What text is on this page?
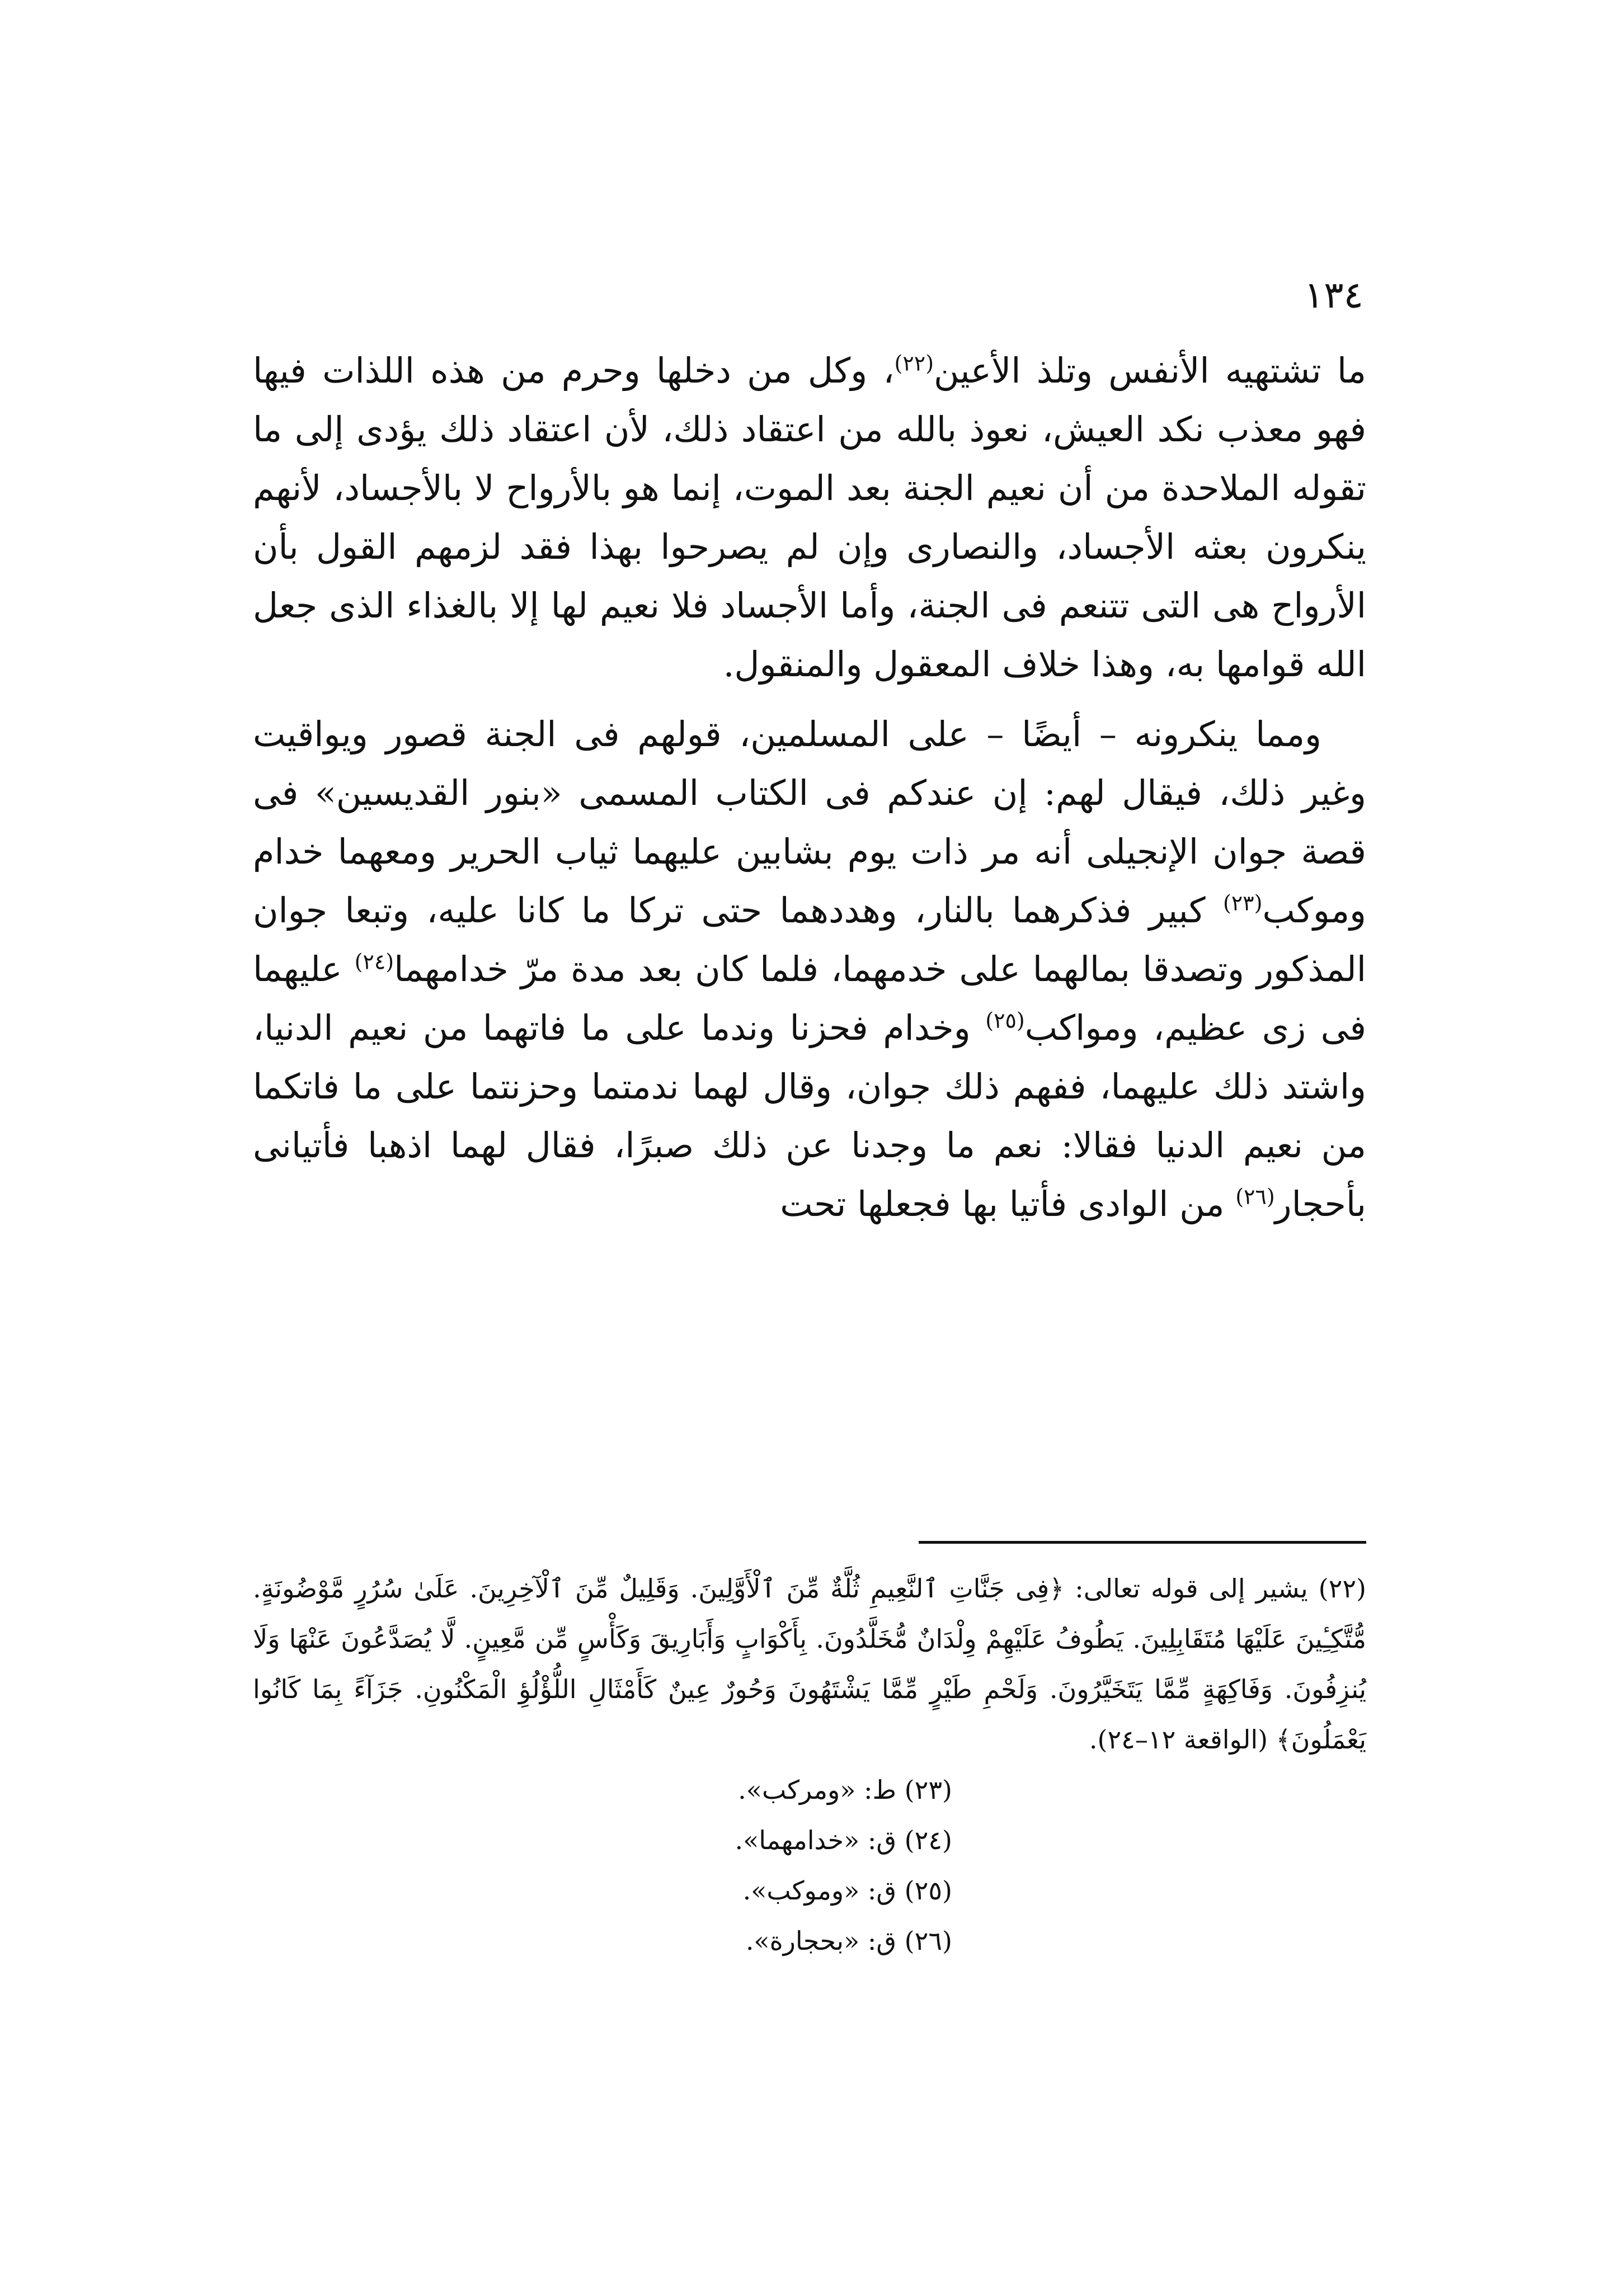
١٣٤

ما تشتهيه الأنفس وتلذ الأعين$^{(٢٢)}$، وكل من دخلها وحرم من هذه اللذات فيها فهو معذب نكد العيش، نعوذ بالله من اعتقاد ذلك، لأن اعتقاد ذلك يؤدى إلى ما تقوله الملاحدة من أن نعيم الجنة بعد الموت، إنما هو بالأرواح لا بالأجساد، لأنهم ينكرون بعثه الأجساد، والنصارى وإن لم يصرحوا بهذا فقد لزمهم القول بأن الأرواح هى التى تتنعم فى الجنة، وأما الأجساد فلا نعيم لها إلا بالغذاء الذى جعل الله قوامها به، وهذا خلاف المعقول والمنقول.

ومما ينكرونه – أيضًا – على المسلمين، قولهم فى الجنة قصور ويواقيت وغير ذلك، فيقال لهم: إن عندكم فى الكتاب المسمى «بنور القديسين» فى قصة جوان الإنجيلى أنه مر ذات يوم بشابين عليهما ثياب الحرير ومعهما خدام وموكب$^{(٢٣)}$ كبير فذكرهما بالنار، وهددهما حتى تركا ما كانا عليه، وتبعا جوان المذكور وتصدقا بمالهما على خدمهما، فلما كان بعد مدة مرّ خدامهما$^{(٢٤)}$ عليهما فى زى عظيم، ومواكب$^{(٢٥)}$ وخدام فحزنا وندما على ما فاتهما من نعيم الدنيا، واشتد ذلك عليهما، ففهم ذلك جوان، وقال لهما ندمتما وحزنتما على ما فاتكما من نعيم الدنيا فقالا: نعم ما وجدنا عن ذلك صبرًا، فقال لهما اذهبا فأتيانى بأحجار$^{(٢٦)}$ من الوادى فأتيا بها فجعلها تحت

(٢٢) يشير إلى قوله تعالى: ﴿فِى جَنَّاتِ ٱلنَّعِيمِ ثُلَّةٌ مِّنَ ٱلْأَوَّلِينَ. وَقَلِيلٌ مِّنَ ٱلْآخِرِينَ. عَلَىٰ سُرُرٍ مَّوْضُونَةٍ. مُّتَّكِـِٔينَ عَلَيْهَا مُتَقَابِلِينَ. يَطُوفُ عَلَيْهِمْ وِلْدَانٌ مُّخَلَّدُونَ. بِأَكْوَابٍ وَأَبَارِيقَ وَكَأْسٍ مِّن مَّعِينٍ. لَّا يُصَدَّعُونَ عَنْهَا وَلَا يُنزِفُونَ. وَفَاكِهَةٍ مِّمَّا يَتَخَيَّرُونَ. وَلَحْمِ طَيْرٍ مِّمَّا يَشْتَهُونَ وَحُورٌ عِينٌ كَأَمْثَالِ اللُّؤْلُؤِ الْمَكْنُونِ. جَزَآءً بِمَا كَانُوا يَعْمَلُونَ﴾ (الواقعة ١٢–٢٤).

(٢٣) ط: «ومركب».

(٢٤) ق: «خدامهما».

(٢٥) ق: «وموكب».

(٢٦) ق: «بحجارة».
